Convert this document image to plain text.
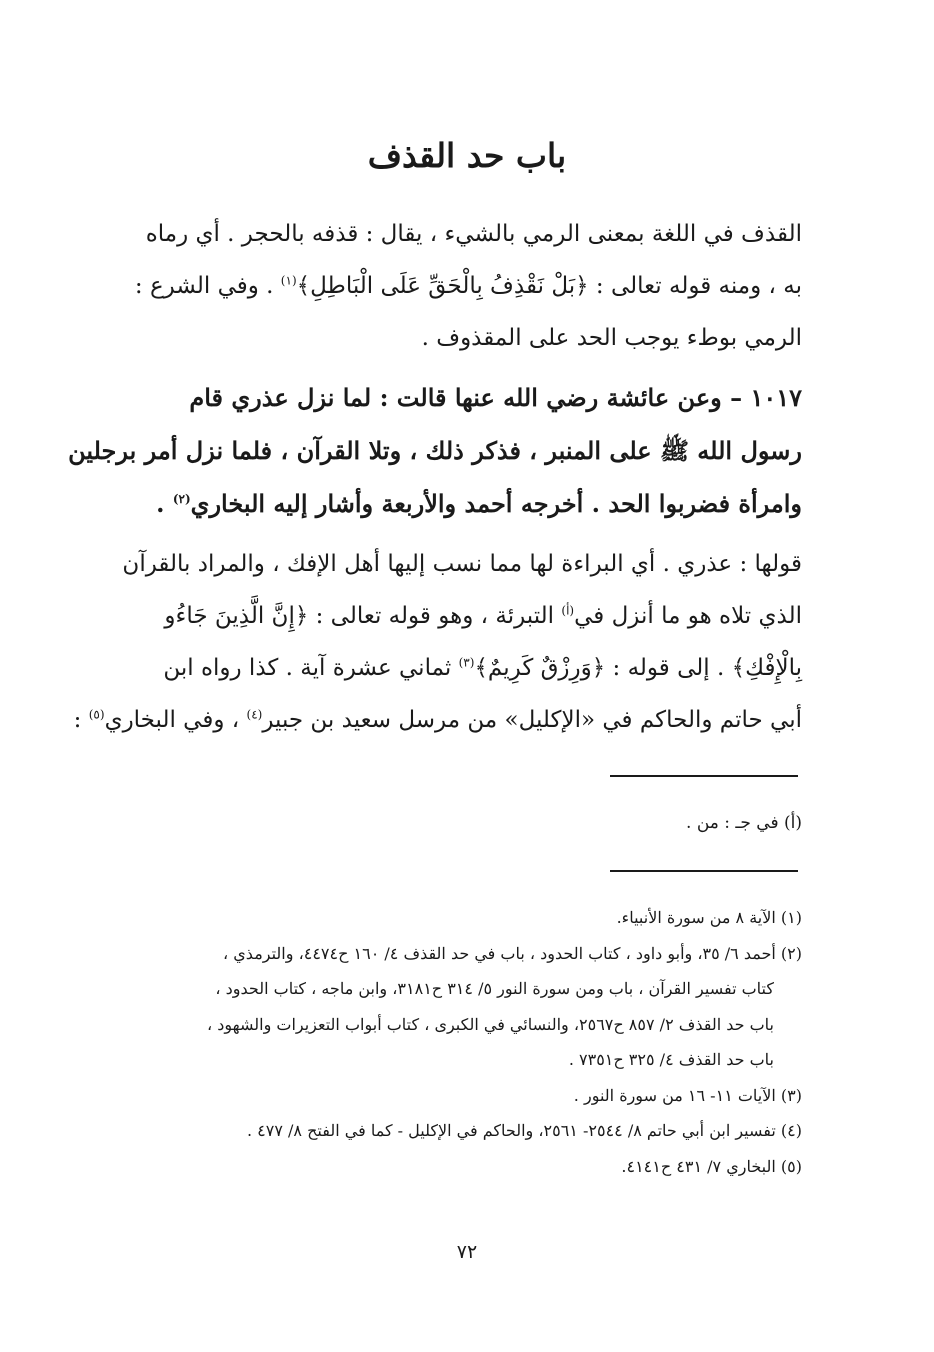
باب حد القذف
القذف في اللغة بمعنى الرمي بالشيء ، يقال : قذفه بالحجر . أي رماه
به ، ومنه قوله تعالى : ﴿بَلْ نَقْذِفُ بِالْحَقِّ عَلَى الْبَاطِلِ﴾$^{(١)}$ . وفي الشرع :
الرمي بوطء يوجب الحد على المقذوف .
١٠١٧ – وعن عائشة رضي الله عنها قالت : لما نزل عذري قام
رسول الله ﷺ على المنبر ، فذكر ذلك ، وتلا القرآن ، فلما نزل أمر برجلين
وامرأة فضربوا الحد . أخرجه أحمد والأربعة وأشار إليه البخاري$^{(٢)}$ .
قولها : عذري . أي البراءة لها مما نسب إليها أهل الإفك ، والمراد بالقرآن
الذي تلاه هو ما أنزل في$^{(أ)}$ التبرئة ، وهو قوله تعالى : ﴿إِنَّ الَّذِينَ جَاءُو
بِالْإِفْكِ﴾ . إلى قوله : ﴿وَرِزْقٌ كَرِيمٌ﴾$^{(٣)}$ ثماني عشرة آية . كذا رواه ابن
أبي حاتم والحاكم في «الإكليل» من مرسل سعيد بن جبير$^{(٤)}$ ، وفي البخاري$^{(٥)}$ :
(أ) في جـ : من .
(١) الآية ٨ من سورة الأنبياء.
(٢) أحمد ٦/ ٣٥، وأبو داود ، كتاب الحدود ، باب في حد القذف ٤/ ١٦٠ ح٤٤٧٤، والترمذي ،
كتاب تفسير القرآن ، باب ومن سورة النور ٥/ ٣١٤ ح٣١٨١، وابن ماجه ، كتاب الحدود ،
باب حد القذف ٢/ ٨٥٧ ح٢٥٦٧، والنسائي في الكبرى ، كتاب أبواب التعزيرات والشهود ،
باب حد القذف ٤/ ٣٢٥ ح٧٣٥١ .
(٣) الآيات ١١- ١٦ من سورة النور .
(٤) تفسير ابن أبي حاتم ٨/ ٢٥٤٤- ٢٥٦١، والحاكم في الإكليل - كما في الفتح ٨/ ٤٧٧ .
(٥) البخاري ٧/ ٤٣١ ح٤١٤١.
٧٢
